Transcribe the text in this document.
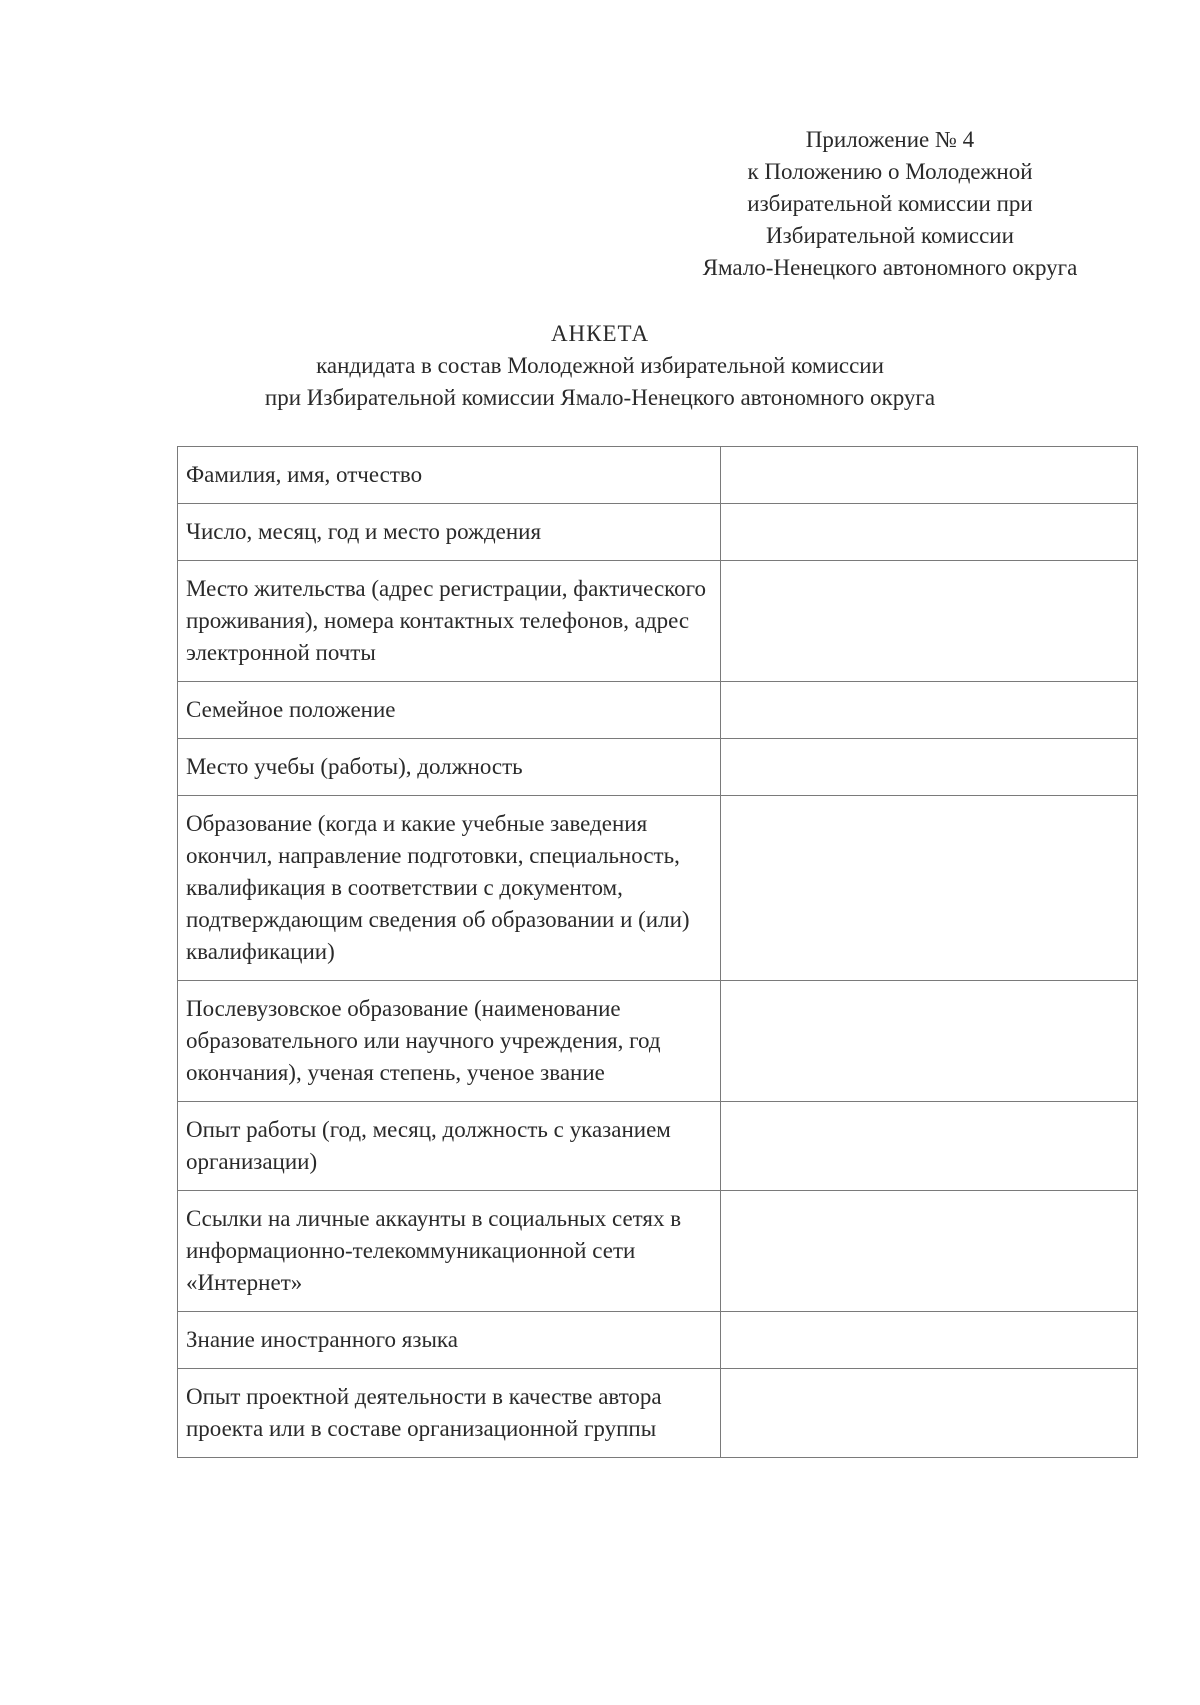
Приложение № 4
к Положению о Молодежной
избирательной комиссии при
Избирательной комиссии
Ямало-Ненецкого автономного округа
АНКЕТА
кандидата в состав Молодежной избирательной комиссии
при Избирательной комиссии Ямало-Ненецкого автономного округа
Фамилия, имя, отчество	
Число, месяц, год и место рождения	
Место жительства (адрес регистрации, фактического проживания), номера контактных телефонов, адрес электронной почты	
Семейное положение	
Место учебы (работы), должность	
Образование (когда и какие учебные заведения окончил, направление подготовки, специальность, квалификация в соответствии с документом, подтверждающим сведения об образовании и (или) квалификации)	
Послевузовское образование (наименование образовательного или научного учреждения, год окончания), ученая степень, ученое звание	
Опыт работы (год, месяц, должность с указанием организации)	
Ссылки на личные аккаунты в социальных сетях в информационно-телекоммуникационной сети «Интернет»	
Знание иностранного языка	
Опыт проектной деятельности в качестве автора проекта или в составе организационной группы	
